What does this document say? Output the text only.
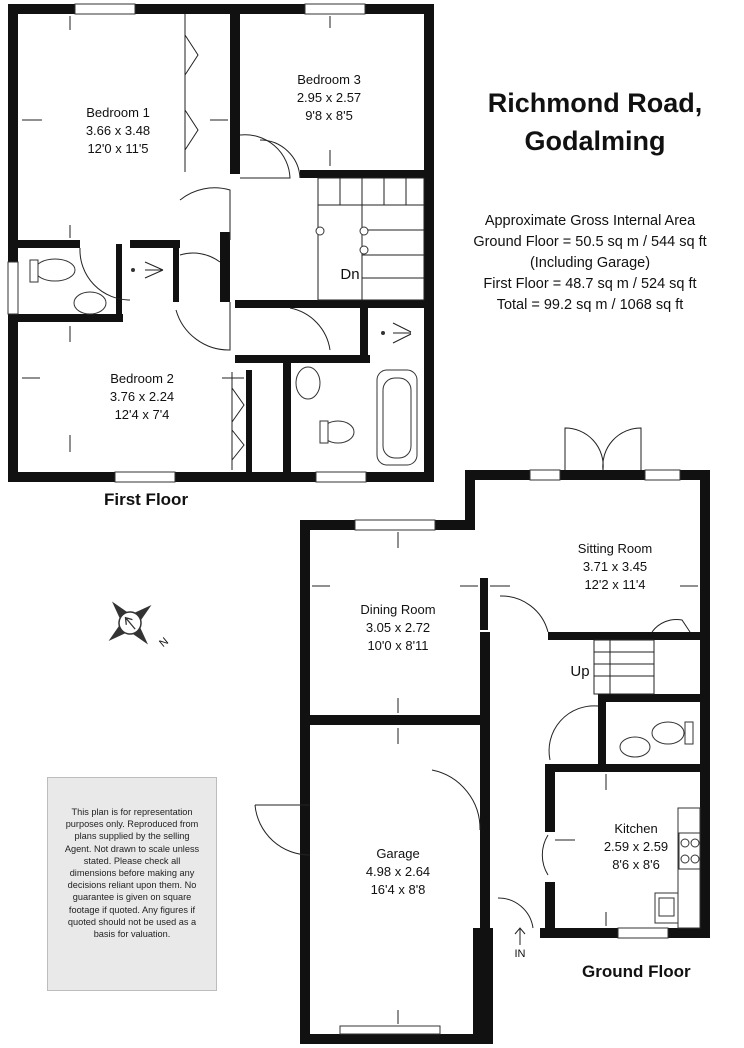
Bedroom 1
3.66 x 3.48
12'0 x 11'5
Bedroom 3
2.95 x 2.57
9'8 x 8'5
Bedroom 2
3.76 x 2.24
12'4 x 7'4
Dn
Sitting Room
3.71 x 3.45
12'2 x 11'4
Dining Room
3.05 x 2.72
10'0 x 8'11
Garage
4.98 x 2.64
16'4 x 8'8
Kitchen
2.59 x 2.59
8'6 x 8'6
Up
IN
N
Richmond Road,
Godalming
Approximate Gross Internal Area
Ground Floor = 50.5 sq m / 544 sq ft
(Including Garage)
First Floor = 48.7 sq m / 524 sq ft
Total = 99.2 sq m / 1068 sq ft
First Floor
Ground Floor
This plan is for representation purposes only. Reproduced from plans supplied by the selling Agent. Not drawn to scale unless stated. Please check all dimensions before making any decisions reliant upon them. No guarantee is given on square footage if quoted. Any figures if quoted should not be used as a basis for valuation.
